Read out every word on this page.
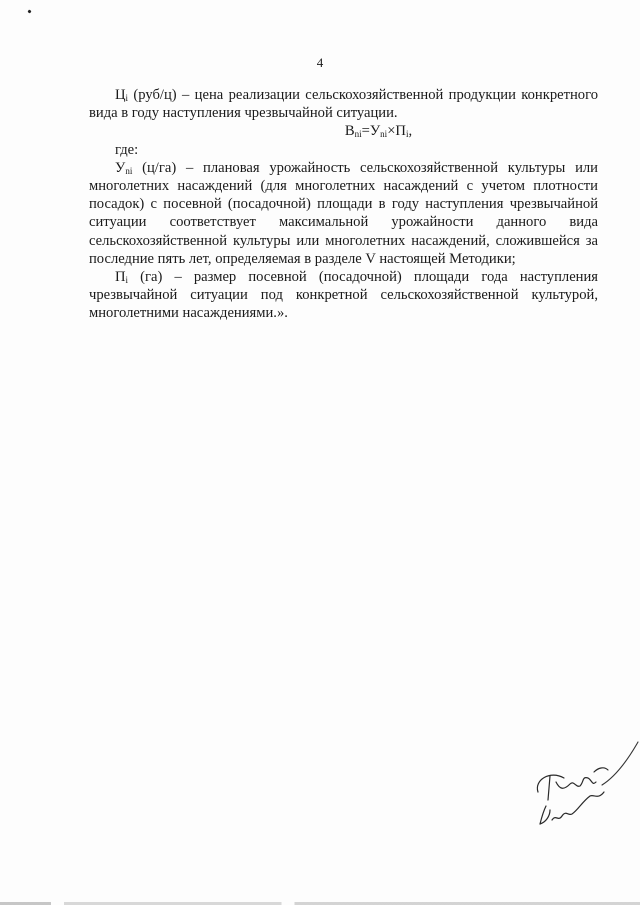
4

$Ц_i$ (руб/ц) – цена реализации сельскохозяйственной продукции конкретного вида в году наступления чрезвычайной ситуации.

$В_{ni}=У_{ni}\times П_i$,

где:

$У_{ni}$ (ц/га) – плановая урожайность сельскохозяйственной культуры или многолетних насаждений (для многолетних насаждений с учетом плотности посадок) с посевной (посадочной) площади в году наступления чрезвычайной ситуации соответствует максимальной урожайности данного вида сельскохозяйственной культуры или многолетних насаждений, сложившейся за последние пять лет, определяемая в разделе V настоящей Методики;

$П_i$ (га) – размер посевной (посадочной) площади года наступления чрезвычайной ситуации под конкретной сельскохозяйственной культурой, многолетними насаждениями.».
